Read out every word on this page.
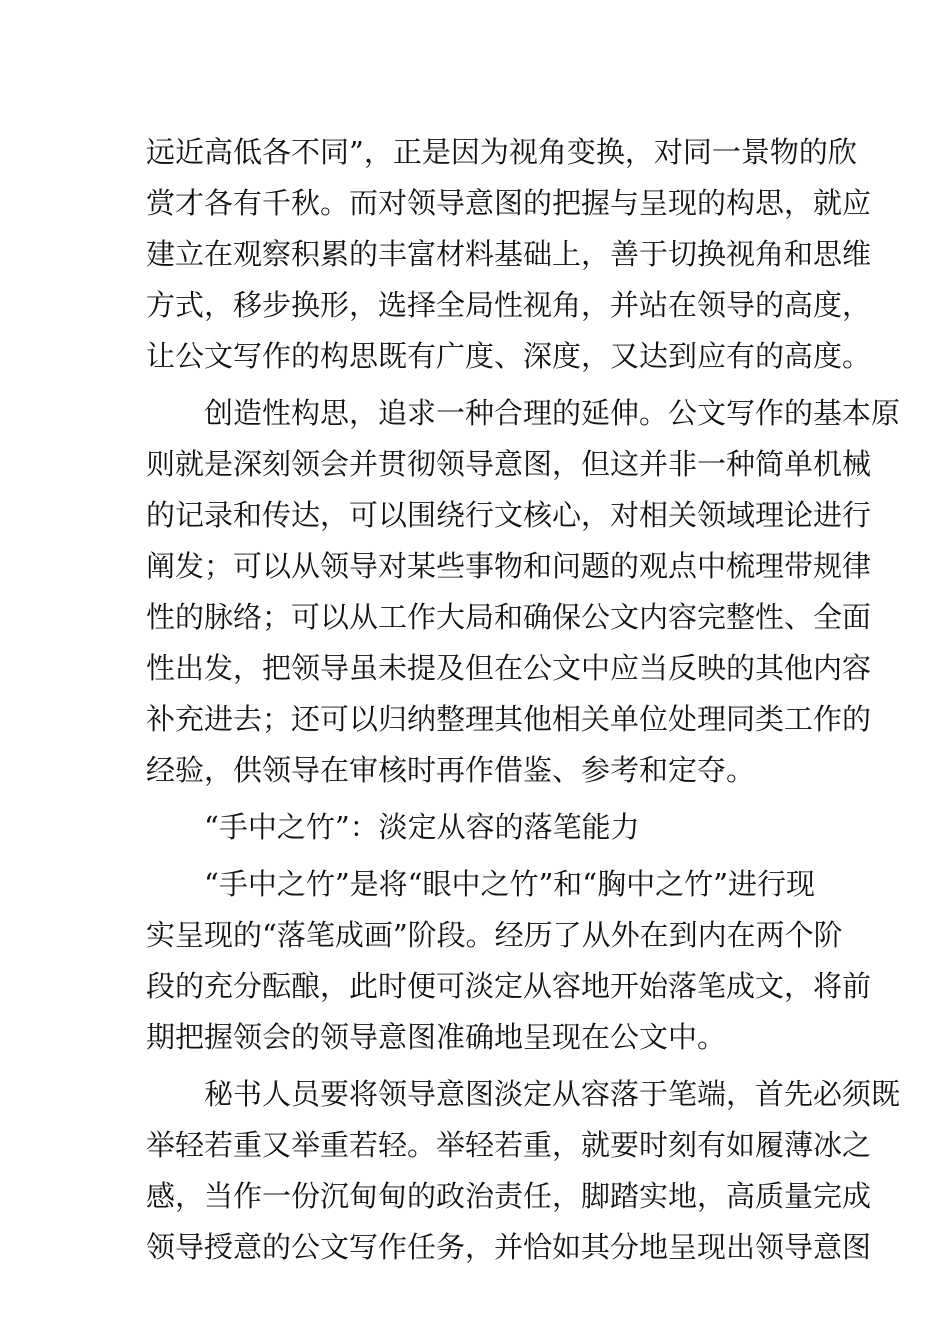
远近高低各不同”，正是因为视角变换，对同一景物的欣
赏才各有千秋。而对领导意图的把握与呈现的构思，就应
建立在观察积累的丰富材料基础上，善于切换视角和思维
方式，移步换形，选择全局性视角，并站在领导的高度，
让公文写作的构思既有广度、深度，又达到应有的高度。
　　创造性构思，追求一种合理的延伸。公文写作的基本原
则就是深刻领会并贯彻领导意图，但这并非一种简单机械
的记录和传达，可以围绕行文核心，对相关领域理论进行
阐发；可以从领导对某些事物和问题的观点中梳理带规律
性的脉络；可以从工作大局和确保公文内容完整性、全面
性出发，把领导虽未提及但在公文中应当反映的其他内容
补充进去；还可以归纳整理其他相关单位处理同类工作的
经验，供领导在审核时再作借鉴、参考和定夺。
　　“手中之竹”：淡定从容的落笔能力
　　“手中之竹”是将“眼中之竹”和“胸中之竹”进行现
实呈现的“落笔成画”阶段。经历了从外在到内在两个阶
段的充分酝酿，此时便可淡定从容地开始落笔成文，将前
期把握领会的领导意图准确地呈现在公文中。
　　秘书人员要将领导意图淡定从容落于笔端，首先必须既
举轻若重又举重若轻。举轻若重，就要时刻有如履薄冰之
感，当作一份沉甸甸的政治责任，脚踏实地，高质量完成
领导授意的公文写作任务，并恰如其分地呈现出领导意图
